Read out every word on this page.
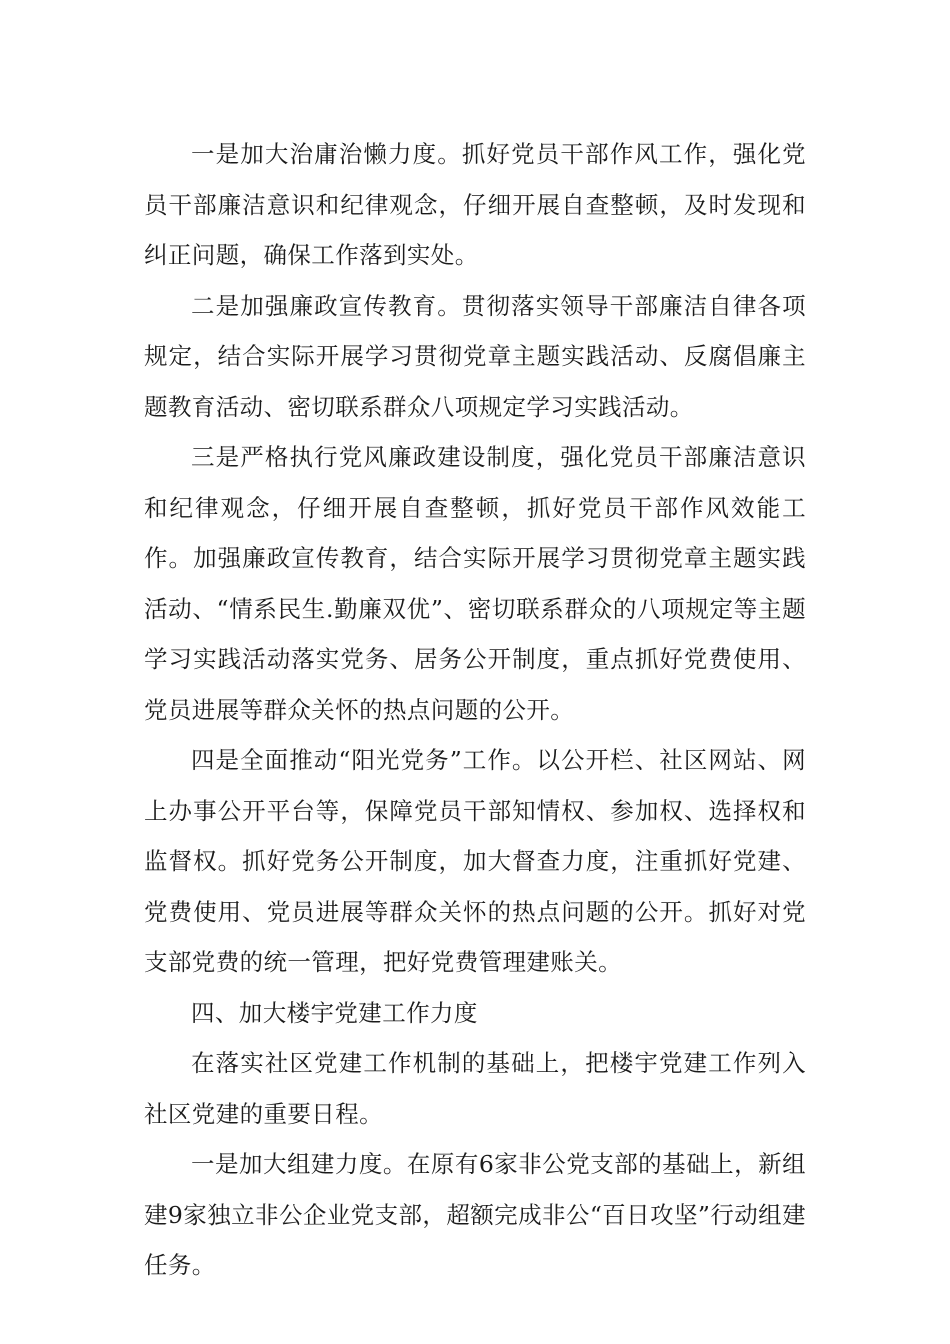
一是加大治庸治懒力度。抓好党员干部作风工作，强化党员干部廉洁意识和纪律观念，仔细开展自查整顿，及时发现和纠正问题，确保工作落到实处。

二是加强廉政宣传教育。贯彻落实领导干部廉洁自律各项规定，结合实际开展学习贯彻党章主题实践活动、反腐倡廉主题教育活动、密切联系群众八项规定学习实践活动。

三是严格执行党风廉政建设制度，强化党员干部廉洁意识和纪律观念，仔细开展自查整顿，抓好党员干部作风效能工作。加强廉政宣传教育，结合实际开展学习贯彻党章主题实践活动、“情系民生.勤廉双优”、密切联系群众的八项规定等主题学习实践活动落实党务、居务公开制度，重点抓好党费使用、党员进展等群众关怀的热点问题的公开。

四是全面推动“阳光党务”工作。以公开栏、社区网站、网上办事公开平台等，保障党员干部知情权、参加权、选择权和监督权。抓好党务公开制度，加大督查力度，注重抓好党建、党费使用、党员进展等群众关怀的热点问题的公开。抓好对党支部党费的统一管理，把好党费管理建账关。

四、加大楼宇党建工作力度

在落实社区党建工作机制的基础上，把楼宇党建工作列入社区党建的重要日程。

一是加大组建力度。在原有6家非公党支部的基础上，新组建9家独立非公企业党支部，超额完成非公“百日攻坚”行动组建任务。
